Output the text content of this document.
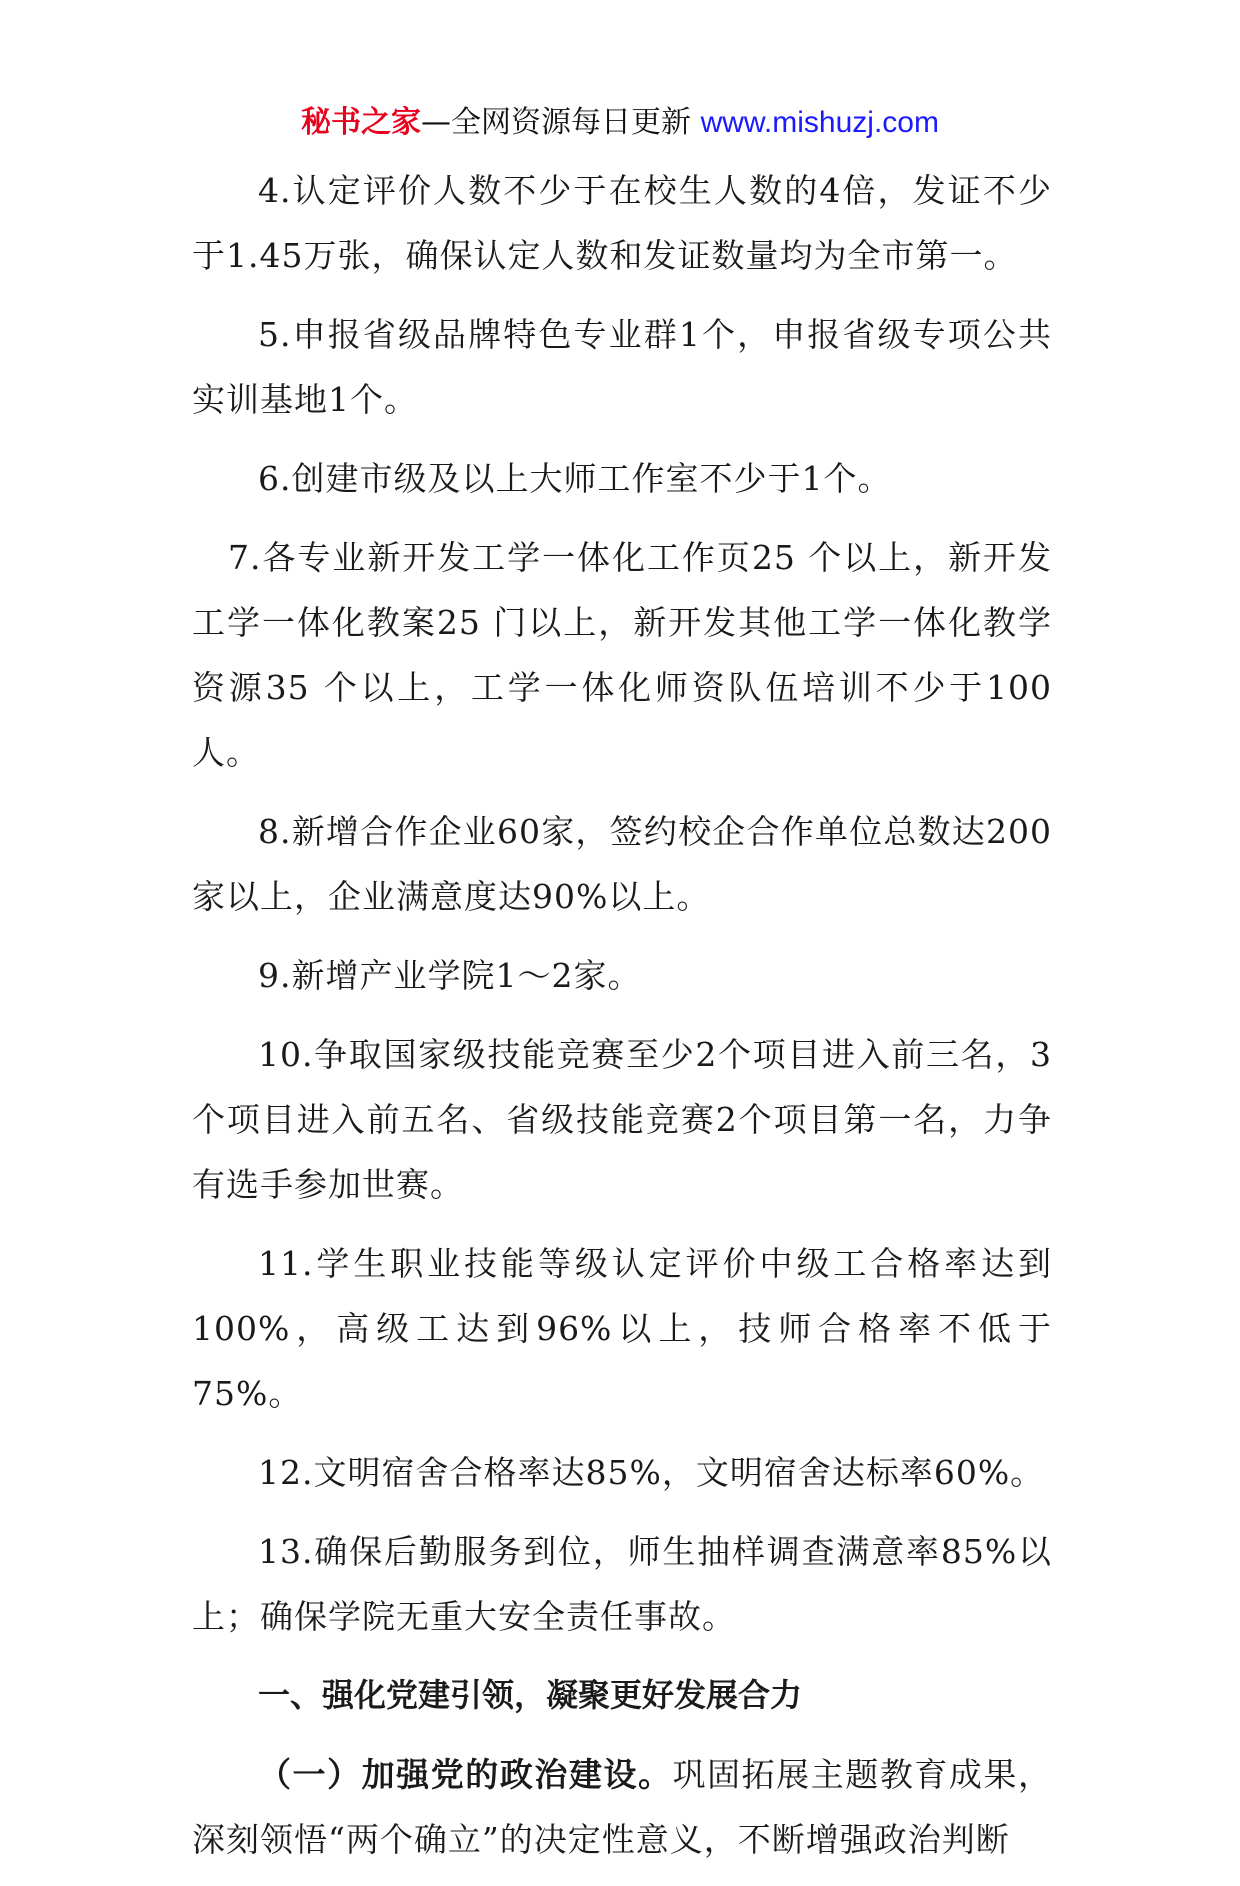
秘书之家—全网资源每日更新 www.mishuzj.com

4.认定评价人数不少于在校生人数的4倍，发证不少于1.45万张，确保认定人数和发证数量均为全市第一。

5.申报省级品牌特色专业群1个，申报省级专项公共实训基地1个。

6.创建市级及以上大师工作室不少于1个。

7.各专业新开发工学一体化工作页25 个以上，新开发工学一体化教案25 门以上，新开发其他工学一体化教学资源35 个以上，工学一体化师资队伍培训不少于100人。

8.新增合作企业60家，签约校企合作单位总数达200家以上，企业满意度达90%以上。

9.新增产业学院1～2家。

10.争取国家级技能竞赛至少2个项目进入前三名，3个项目进入前五名、省级技能竞赛2个项目第一名，力争有选手参加世赛。

11.学生职业技能等级认定评价中级工合格率达到100%，高级工达到96%以上，技师合格率不低于75%。

12.文明宿舍合格率达85%，文明宿舍达标率60%。

13.确保后勤服务到位，师生抽样调查满意率85%以上；确保学院无重大安全责任事故。

一、强化党建引领，凝聚更好发展合力

（一）加强党的政治建设。巩固拓展主题教育成果，深刻领悟“两个确立”的决定性意义，不断增强政治判断
